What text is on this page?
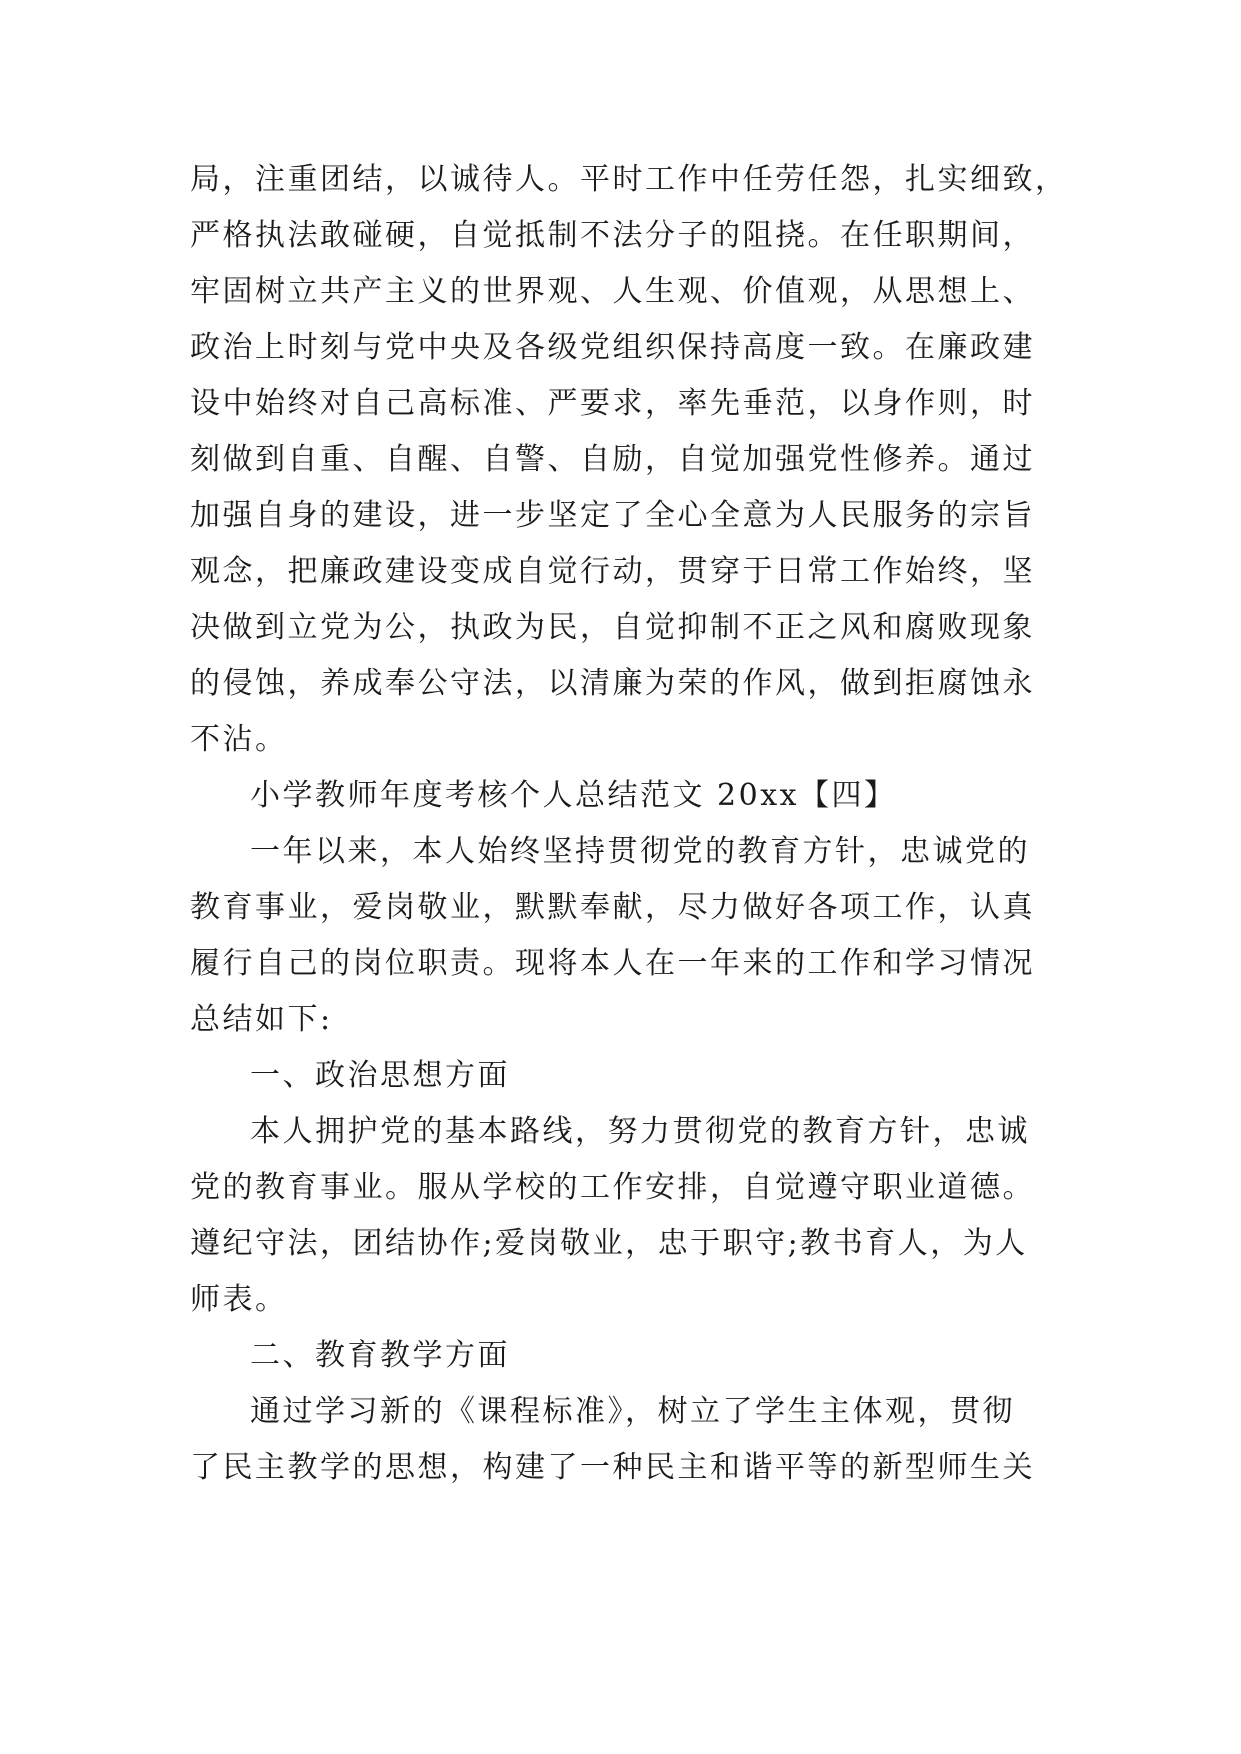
局，注重团结，以诚待人。平时工作中任劳任怨，扎实细致，
严格执法敢碰硬，自觉抵制不法分子的阻挠。在任职期间，
牢固树立共产主义的世界观、人生观、价值观，从思想上、
政治上时刻与党中央及各级党组织保持高度一致。在廉政建
设中始终对自己高标准、严要求，率先垂范，以身作则，时
刻做到自重、自醒、自警、自励，自觉加强党性修养。通过
加强自身的建设，进一步坚定了全心全意为人民服务的宗旨
观念，把廉政建设变成自觉行动，贯穿于日常工作始终，坚
决做到立党为公，执政为民，自觉抑制不正之风和腐败现象
的侵蚀，养成奉公守法，以清廉为荣的作风，做到拒腐蚀永
不沾。
小学教师年度考核个人总结范文 20xx【四】
一年以来，本人始终坚持贯彻党的教育方针，忠诚党的
教育事业，爱岗敬业，默默奉献，尽力做好各项工作，认真
履行自己的岗位职责。现将本人在一年来的工作和学习情况
总结如下:
一、政治思想方面
本人拥护党的基本路线，努力贯彻党的教育方针，忠诚
党的教育事业。服从学校的工作安排，自觉遵守职业道德。
遵纪守法，团结协作;爱岗敬业，忠于职守;教书育人，为人
师表。
二、教育教学方面
通过学习新的《课程标准》，树立了学生主体观，贯彻
了民主教学的思想，构建了一种民主和谐平等的新型师生关
